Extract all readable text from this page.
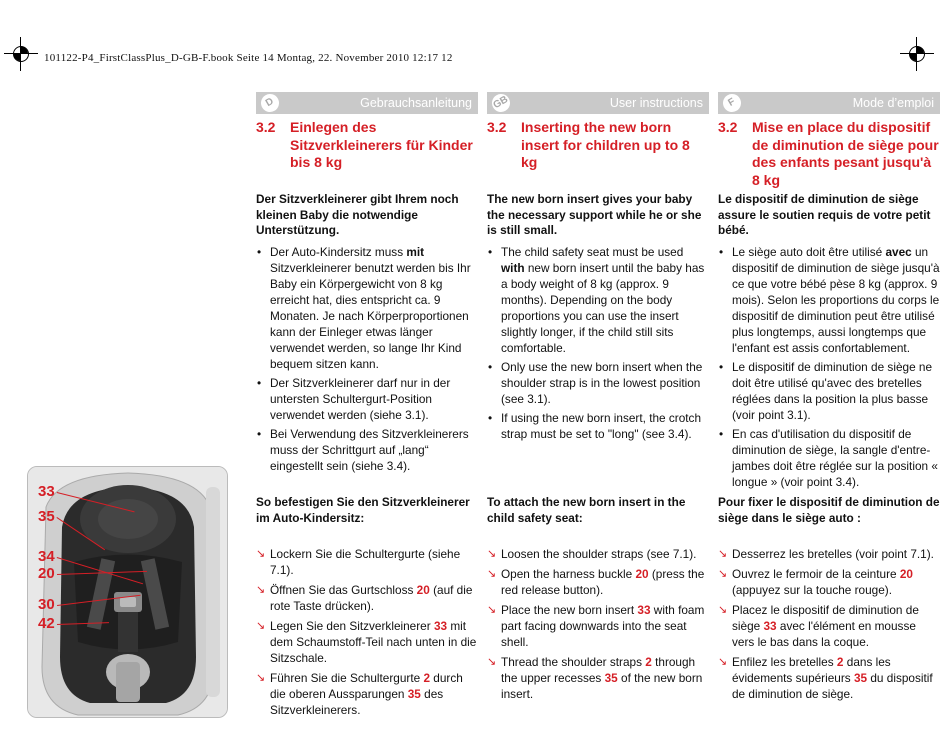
101122-P4_FirstClassPlus_D-GB-F.book Seite 14 Montag, 22. November 2010 12:17 12
D	Gebrauchsanleitung
3.2	Einlegen des Sitzverkleinerers für Kinder bis 8 kg
Der Sitzverkleinerer gibt Ihrem noch kleinen Baby die notwendige Unterstützung.
• Der Auto-Kindersitz muss mit Sitzverkleinerer benutzt werden bis Ihr Baby ein Körpergewicht von 8 kg erreicht hat, dies entspricht ca. 9 Monaten. Je nach Körperproportionen kann der Einleger etwas länger verwendet werden, so lange Ihr Kind bequem sitzen kann.
• Der Sitzverkleinerer darf nur in der untersten Schultergurt-Position verwendet werden (siehe 3.1).
• Bei Verwendung des Sitzverkleinerers muss der Schrittgurt auf „lang“ eingestellt sein (siehe 3.4).
So befestigen Sie den Sitzverkleinerer im Auto-Kindersitz:
↘ Lockern Sie die Schultergurte (siehe 7.1).
↘ Öffnen Sie das Gurtschloss 20 (auf die rote Taste drücken).
↘ Legen Sie den Sitzverkleinerer 33 mit dem Schaumstoff-Teil nach unten in die Sitzschale.
↘ Führen Sie die Schultergurte 2 durch die oberen Aussparungen 35 des Sitzverkleinerers.
GB	User instructions
3.2	Inserting the new born insert for children up to 8 kg
The new born insert gives your baby the necessary support while he or she is still small.
• The child safety seat must be used with new born insert until the baby has a body weight of 8 kg (approx. 9 months). Depending on the body proportions you can use the insert slightly longer, if the child still sits comfortable.
• Only use the new born insert when the shoulder strap is in the lowest position (see 3.1).
• If using the new born insert, the crotch strap must be set to "long" (see 3.4).
To attach the new born insert in the child safety seat:
↘ Loosen the shoulder straps (see 7.1).
↘ Open the harness buckle 20 (press the red release button).
↘ Place the new born insert 33 with foam part facing downwards into the seat shell.
↘ Thread the shoulder straps 2 through the upper recesses 35 of the new born insert.
F	Mode d’emploi
3.2	Mise en place du dispositif de diminution de siège pour des enfants pesant jusqu'à 8 kg
Le dispositif de diminution de siège assure le soutien requis de votre petit bébé.
• Le siège auto doit être utilisé avec un dispositif de diminution de siège jusqu'à ce que votre bébé pèse 8 kg (approx. 9 mois). Selon les proportions du corps le dispositif de diminution peut être utilisé plus longtemps, aussi longtemps que l'enfant est assis confortablement.
• Le dispositif de diminution de siège ne doit être utilisé qu'avec des bretelles réglées dans la position la plus basse (voir point 3.1).
• En cas d'utilisation du dispositif de diminution de siège, la sangle d'entre-jambes doit être réglée sur la position « longue » (voir point 3.4).
Pour fixer le dispositif de diminution de siège dans le siège auto :
↘ Desserrez les bretelles (voir point 7.1).
↘ Ouvrez le fermoir de la ceinture 20 (appuyez sur la touche rouge).
↘ Placez le dispositif de diminution de siège 33 avec l'élément en mousse vers le bas dans la coque.
↘ Enfilez les bretelles 2 dans les évidements supérieurs 35 du dispositif de diminution de siège.
33
35
34
20
30
42
